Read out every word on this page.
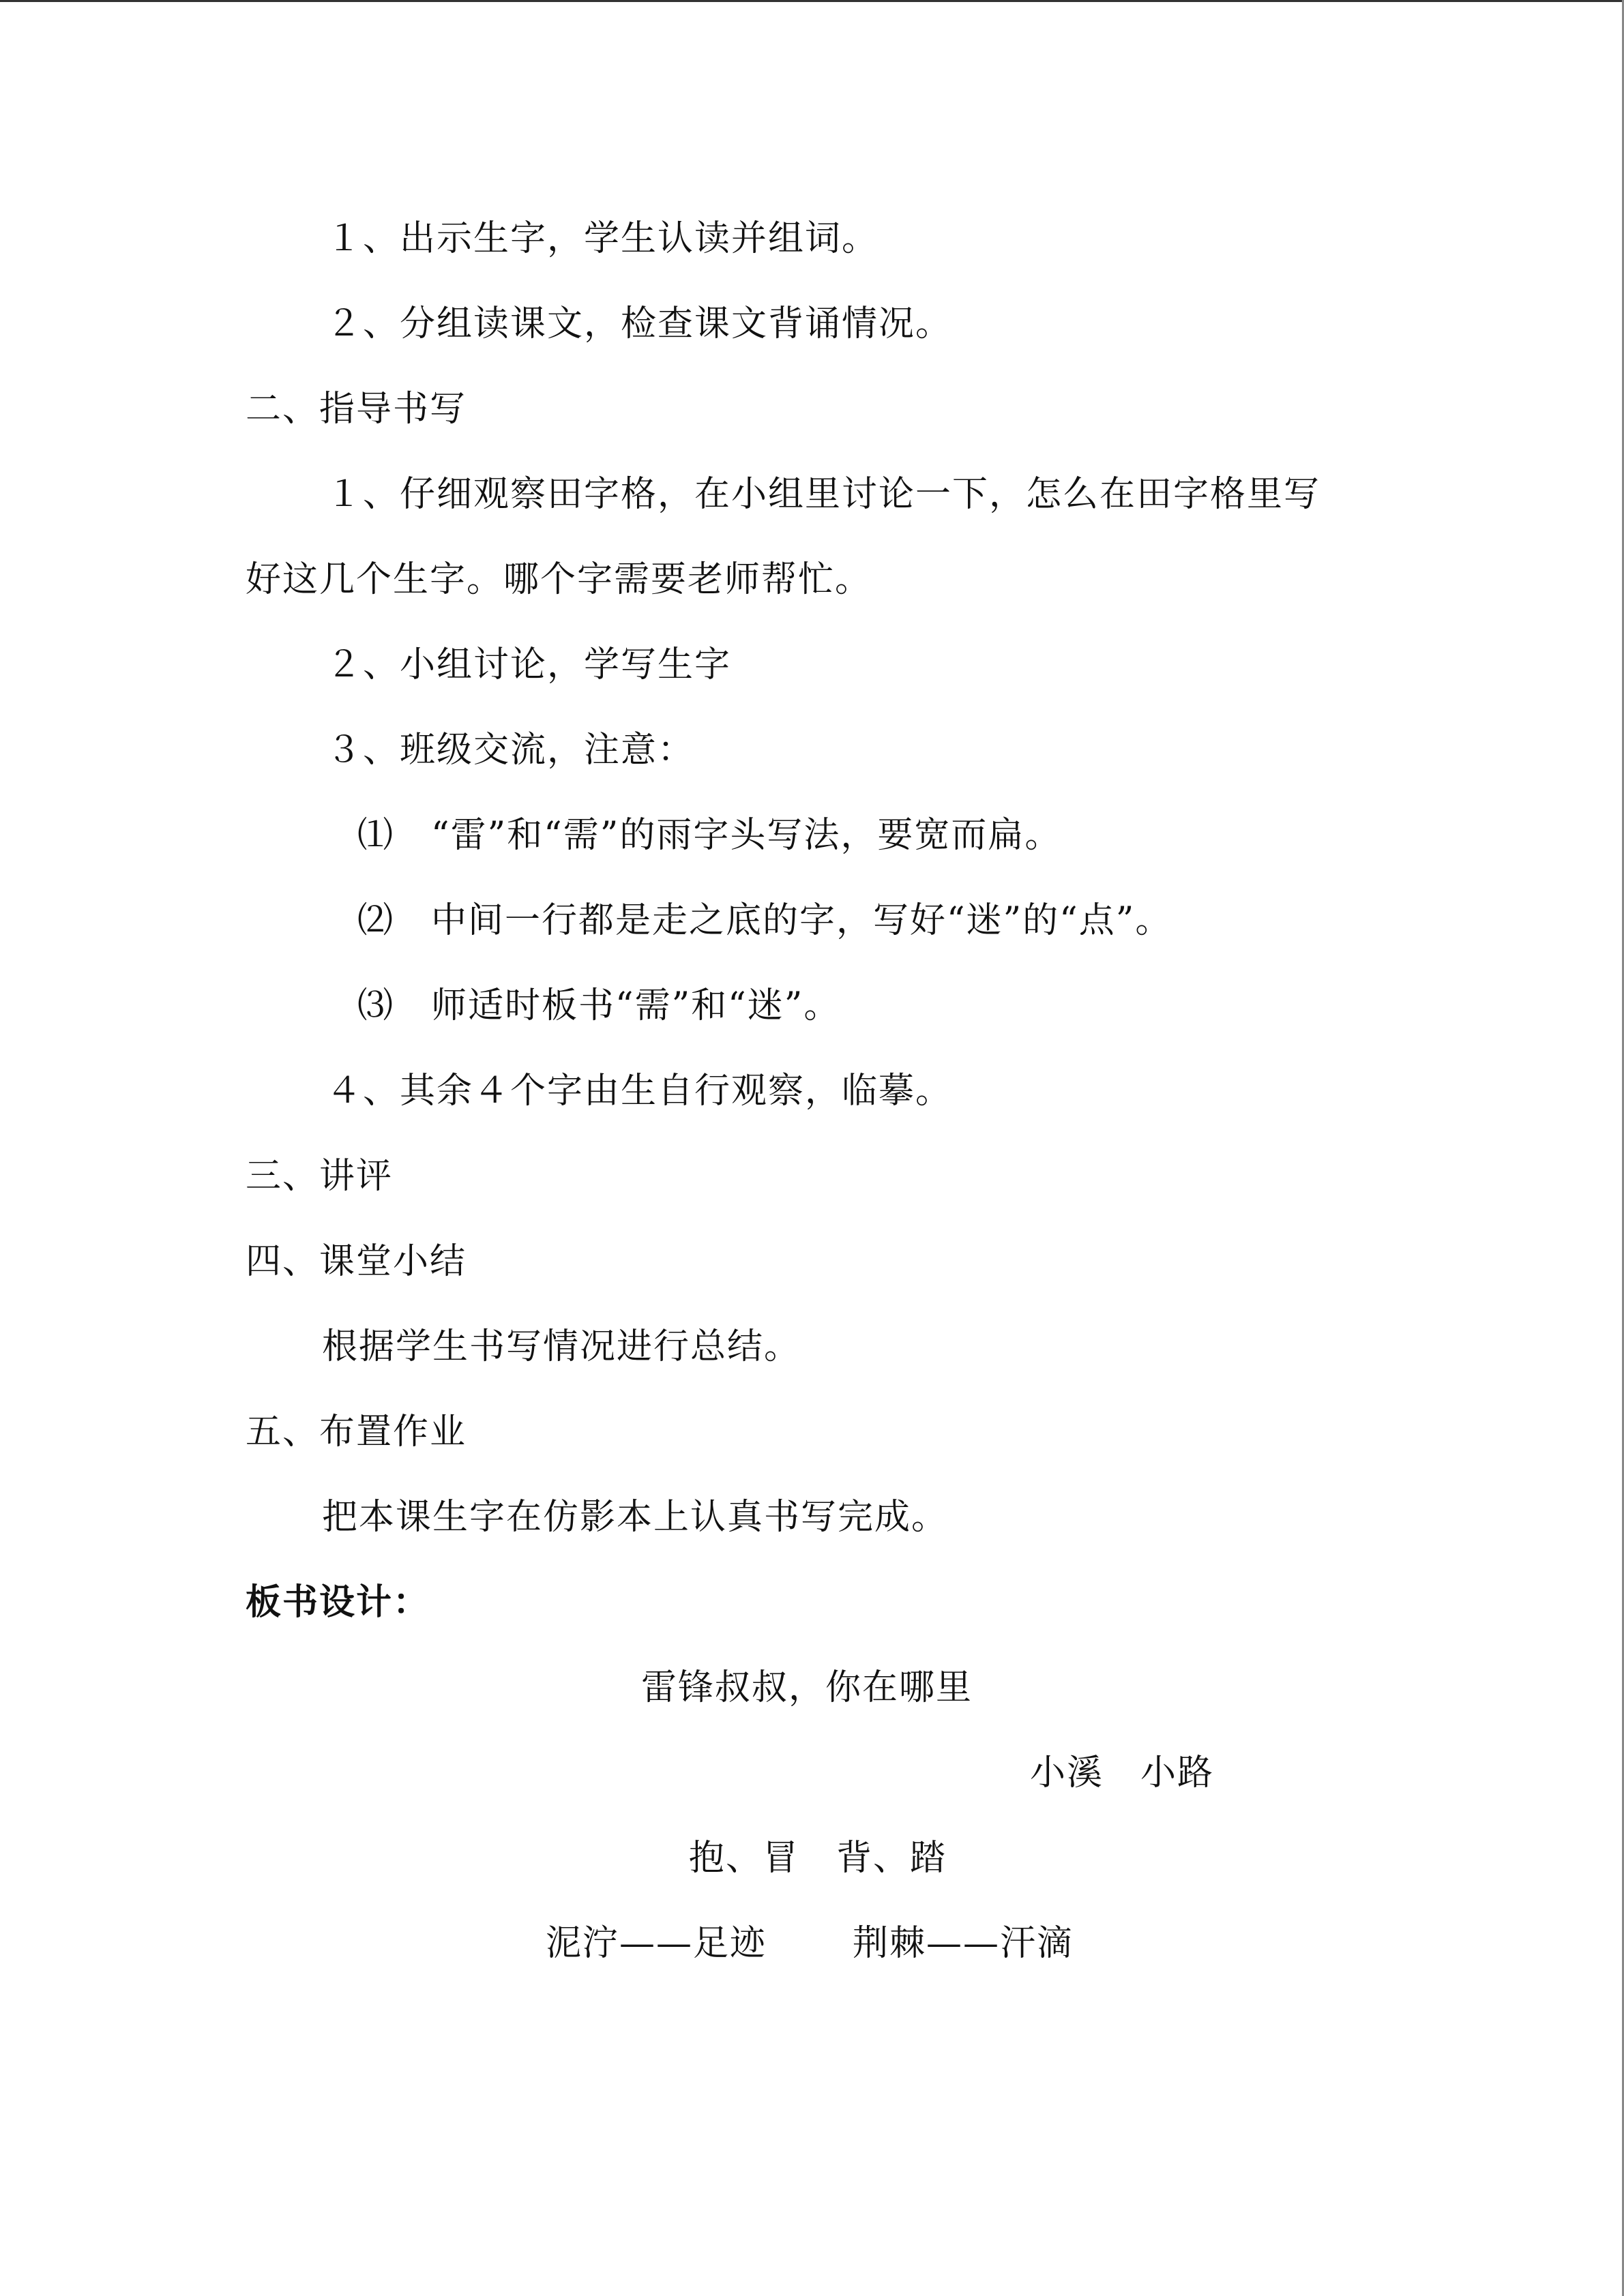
１、出示生字，学生认读并组词。
２、分组读课文，检查课文背诵情况。
二、指导书写
１、仔细观察田字格，在小组里讨论一下，怎么在田字格里写
好这几个生字。哪个字需要老师帮忙。
２、小组讨论，学写生字
３、班级交流，注意：
⑴　“雷”和“需”的雨字头写法，要宽而扁。
⑵　中间一行都是走之底的字，写好“迷”的“点”。
⑶　师适时板书“需”和“迷”。
４、其余４个字由生自行观察，临摹。
三、讲评
四、课堂小结
根据学生书写情况进行总结。
五、布置作业
把本课生字在仿影本上认真书写完成。
板书设计：
雷锋叔叔，你在哪里
小溪　小路
抱、冒　背、踏
泥泞——足迹 荆棘——汗滴
